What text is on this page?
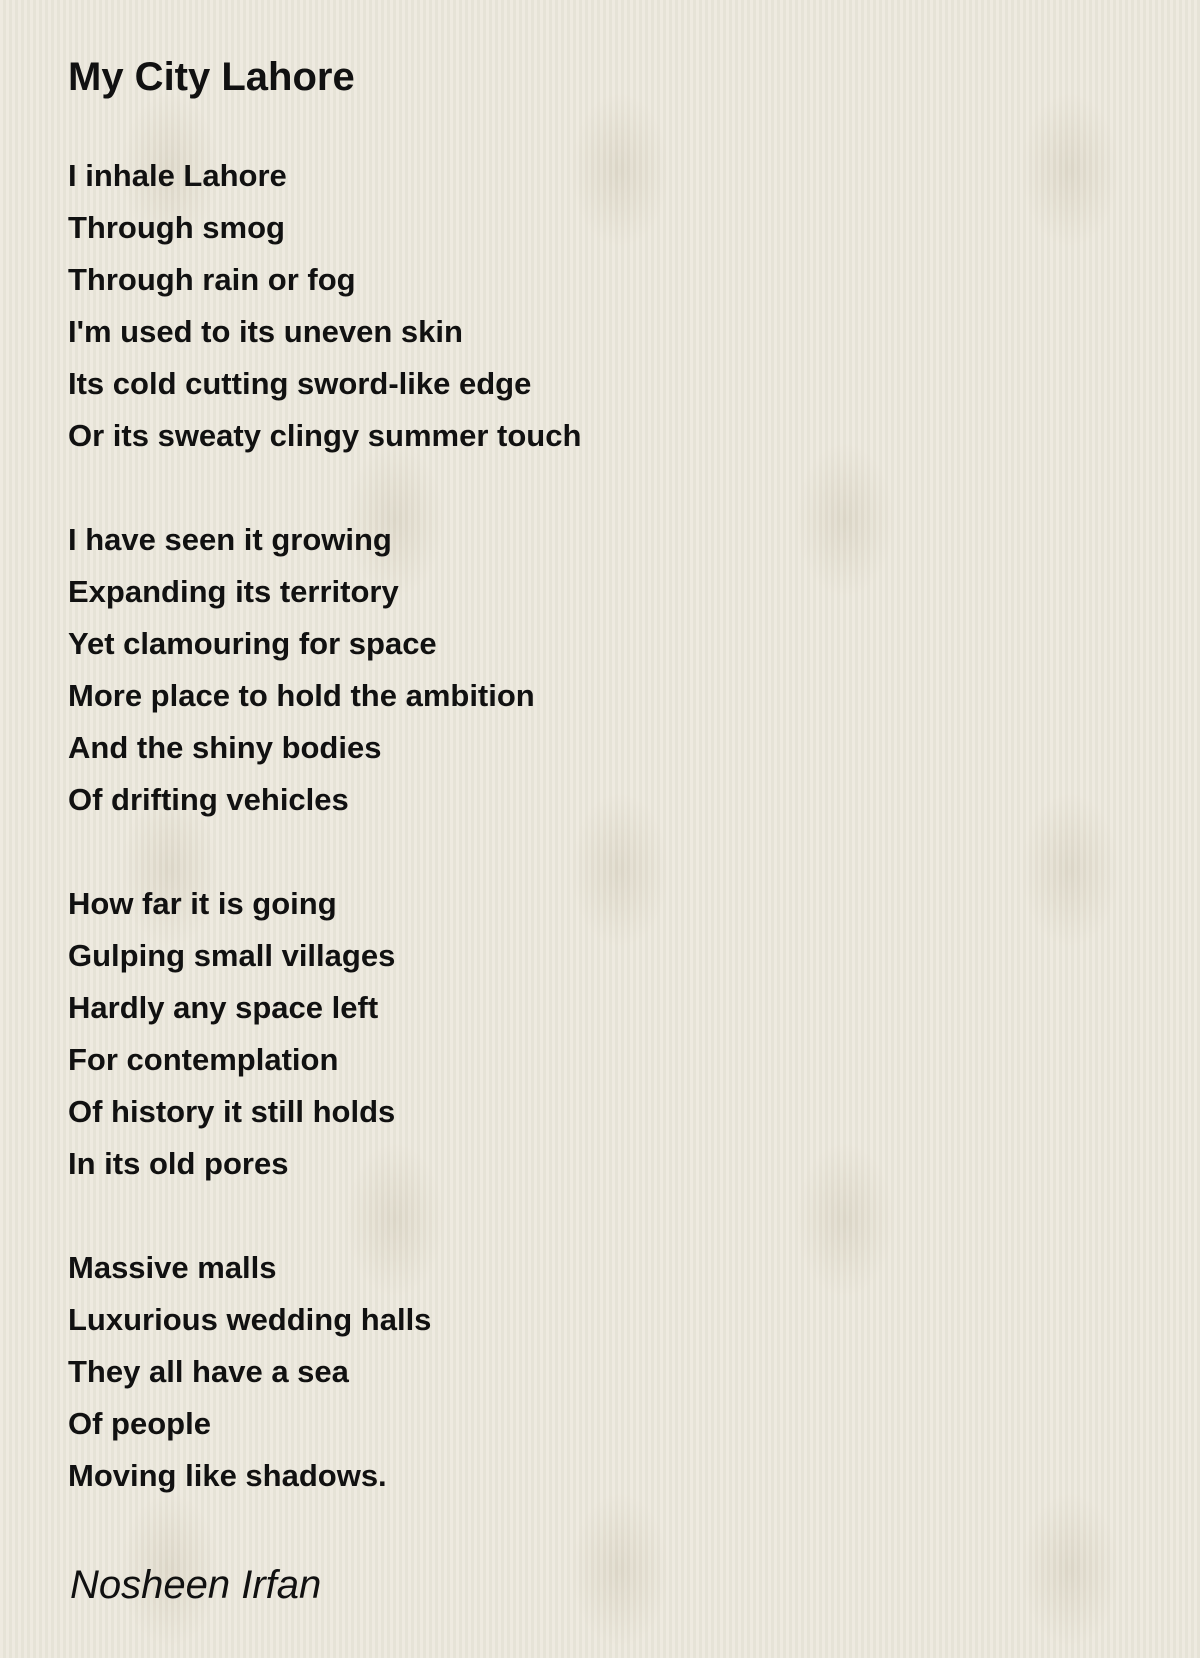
My City Lahore
I inhale Lahore
Through smog
Through rain or fog
I'm used to its uneven skin
Its cold cutting sword-like edge
Or its sweaty clingy summer touch
I have seen it growing
Expanding its territory
Yet clamouring for space
More place to hold the ambition
And the shiny bodies
Of drifting vehicles
How far it is going
Gulping small villages
Hardly any space left
For contemplation
Of history it still holds
In its old pores
Massive malls
Luxurious wedding halls
They all have a sea
Of people
Moving like shadows.
Nosheen Irfan
